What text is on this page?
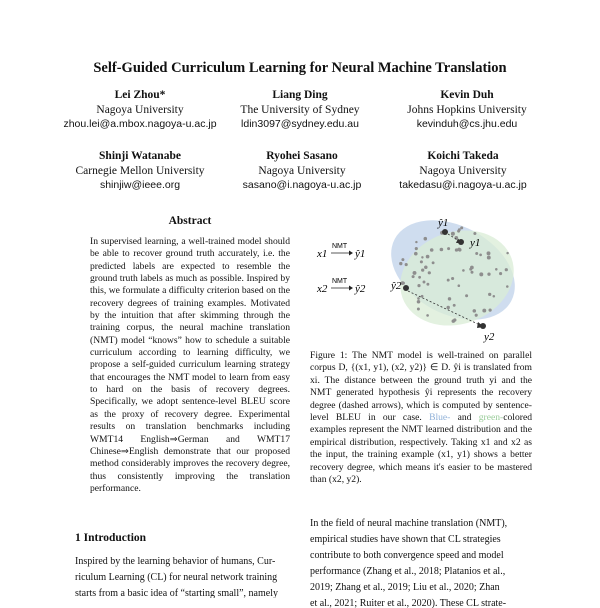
Self-Guided Curriculum Learning for Neural Machine Translation
Lei Zhou*
Nagoya University
zhou.lei@a.mbox.nagoya-u.ac.jp
Liang Ding
The University of Sydney
ldin3097@sydney.edu.au
Kevin Duh
Johns Hopkins University
kevinduh@cs.jhu.edu
Shinji Watanabe
Carnegie Mellon University
shinjiw@ieee.org
Ryohei Sasano
Nagoya University
sasano@i.nagoya-u.ac.jp
Koichi Takeda
Nagoya University
takedasu@i.nagoya-u.ac.jp
Abstract
In supervised learning, a well-trained model should be able to recover ground truth accurately, i.e. the predicted labels are expected to resemble the ground truth labels as much as possible. Inspired by this, we formulate a difficulty criterion based on the recovery degrees of training examples. Motivated by the intuition that after skimming through the training corpus, the neural machine translation (NMT) model “knows” how to schedule a suitable curriculum according to learning difficulty, we propose a self-guided curriculum learning strategy that encourages the NMT model to learn from easy to hard on the basis of recovery degrees. Specifically, we adopt sentence-level BLEU score as the proxy of recovery degree. Experimental results on translation benchmarks including WMT14 English⇒German and WMT17 Chinese⇒English demonstrate that our proposed method considerably improves the recovery degree, thus consistently improving the translation performance.
1 Introduction
Inspired by the learning behavior of humans, Cur-
riculum Learning (CL) for neural network training
starts from a basic idea of “starting small”, namely
x1
NMT
ŷ1
x2
NMT
ŷ2
ŷ1
y1
ŷ2
y2
Figure 1: The NMT model is well-trained on parallel corpus D, {(x1, y1), (x2, y2)} ∈ D. ŷi is translated from xi. The distance between the ground truth yi and the NMT generated hypothesis ŷi represents the recovery degree (dashed arrows), which is computed by sentence-level BLEU in our case. Blue- and green-colored examples represent the NMT learned distribution and the empirical distribution, respectively. Taking x1 and x2 as the input, the training example (x1, y1) shows a better recovery degree, which means it's easier to be mastered than (x2, y2).
In the field of neural machine translation (NMT),
empirical studies have shown that CL strategies
contribute to both convergence speed and model
performance (Zhang et al., 2018; Platanios et al.,
2019; Zhang et al., 2019; Liu et al., 2020; Zhan
et al., 2021; Ruiter et al., 2020). These CL strate-
